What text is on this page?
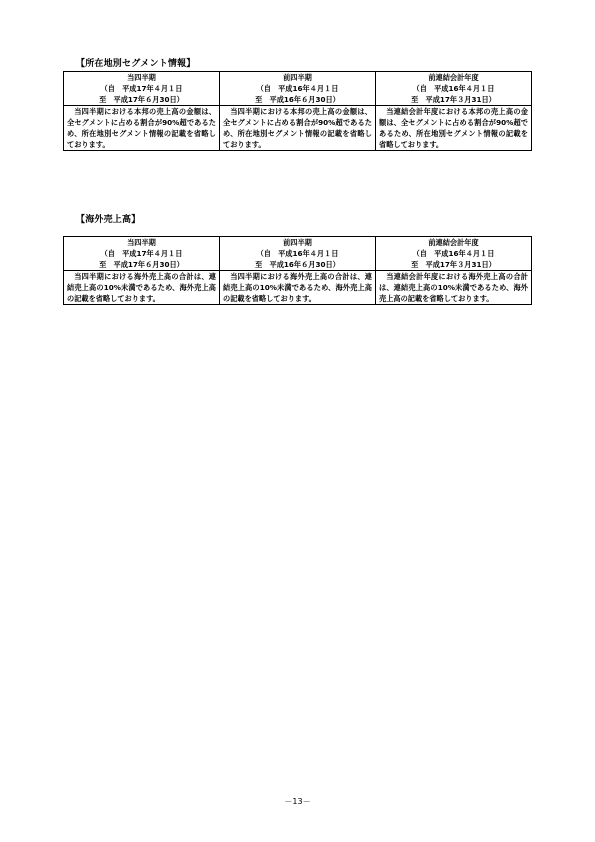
【所在地別セグメント情報】
当四半期
（自　平成17年４月１日
至　平成17年６月30日）	前四半期
（自　平成16年４月１日
至　平成16年６月30日）	前連結会計年度
（自　平成16年４月１日
至　平成17年３月31日）

当四半期における本邦の売上高の金額は、全セグメントに占める割合が90%超であるため、所在地別セグメント情報の記載を省略しております。	当四半期における本邦の売上高の金額は、全セグメントに占める割合が90%超であるため、所在地別セグメント情報の記載を省略しております。	当連結会計年度における本邦の売上高の金額は、全セグメントに占める割合が90%超であるため、所在地別セグメント情報の記載を省略しております。
【海外売上高】
当四半期
（自　平成17年４月１日
至　平成17年６月30日）	前四半期
（自　平成16年４月１日
至　平成16年６月30日）	前連結会計年度
（自　平成16年４月１日
至　平成17年３月31日）

当四半期における海外売上高の合計は、連結売上高の10%未満であるため、海外売上高の記載を省略しております。	当四半期における海外売上高の合計は、連結売上高の10%未満であるため、海外売上高の記載を省略しております。	当連結会計年度における海外売上高の合計は、連結売上高の10%未満であるため、海外売上高の記載を省略しております。
－13－
